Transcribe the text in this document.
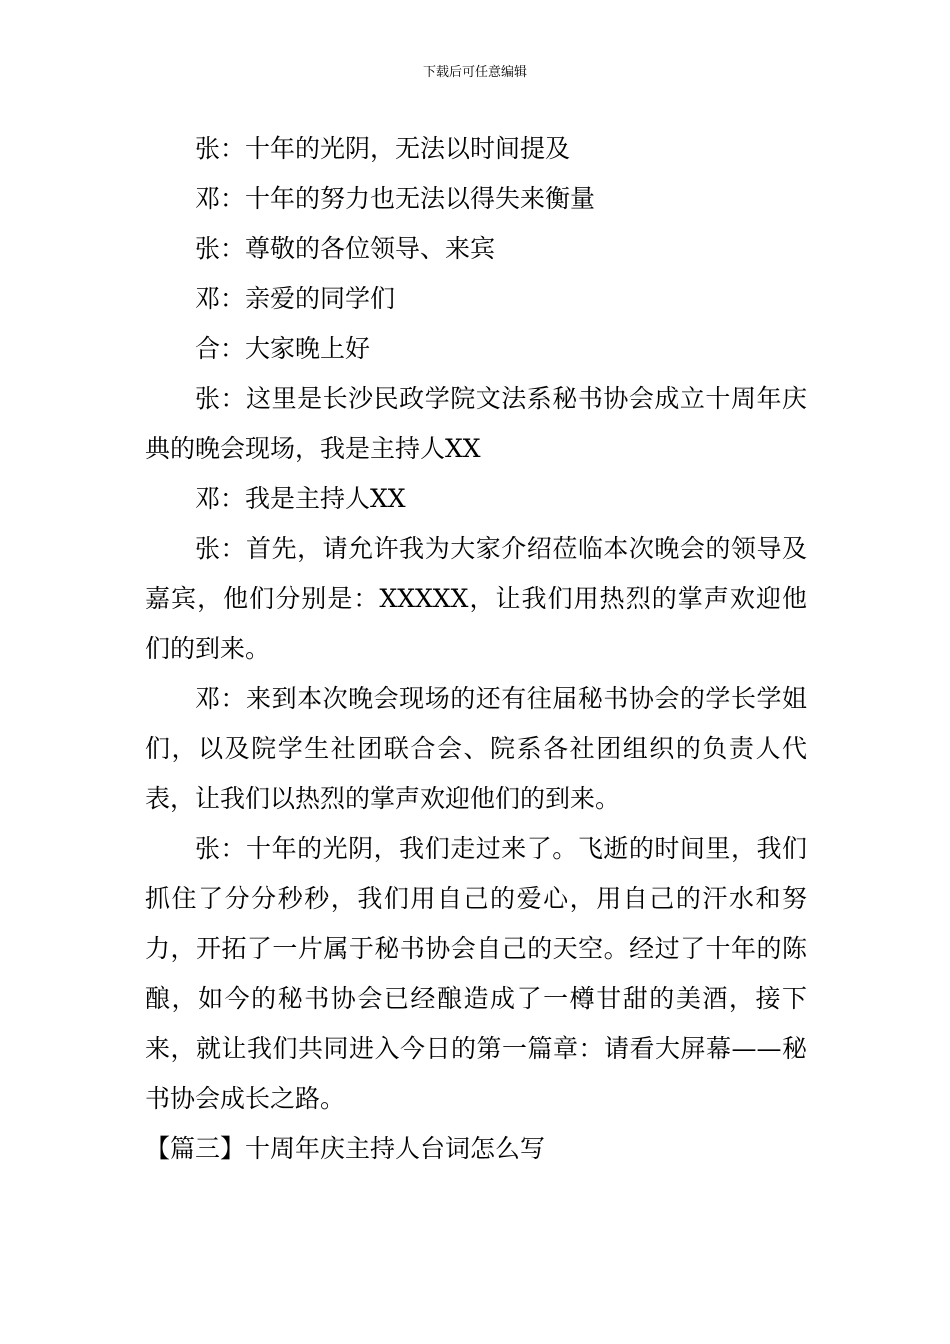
下载后可任意编辑

张：十年的光阴，无法以时间提及

邓：十年的努力也无法以得失来衡量

张：尊敬的各位领导、来宾

邓：亲爱的同学们

合：大家晚上好

张：这里是长沙民政学院文法系秘书协会成立十周年庆典的晚会现场，我是主持人XX

邓：我是主持人XX

张：首先，请允许我为大家介绍莅临本次晚会的领导及嘉宾，他们分别是：XXXXX，让我们用热烈的掌声欢迎他们的到来。

邓：来到本次晚会现场的还有往届秘书协会的学长学姐们，以及院学生社团联合会、院系各社团组织的负责人代表，让我们以热烈的掌声欢迎他们的到来。

张：十年的光阴，我们走过来了。飞逝的时间里，我们抓住了分分秒秒，我们用自己的爱心，用自己的汗水和努力，开拓了一片属于秘书协会自己的天空。经过了十年的陈酿，如今的秘书协会已经酿造成了一樽甘甜的美酒，接下来，就让我们共同进入今日的第一篇章：请看大屏幕——秘书协会成长之路。

【篇三】十周年庆主持人台词怎么写
